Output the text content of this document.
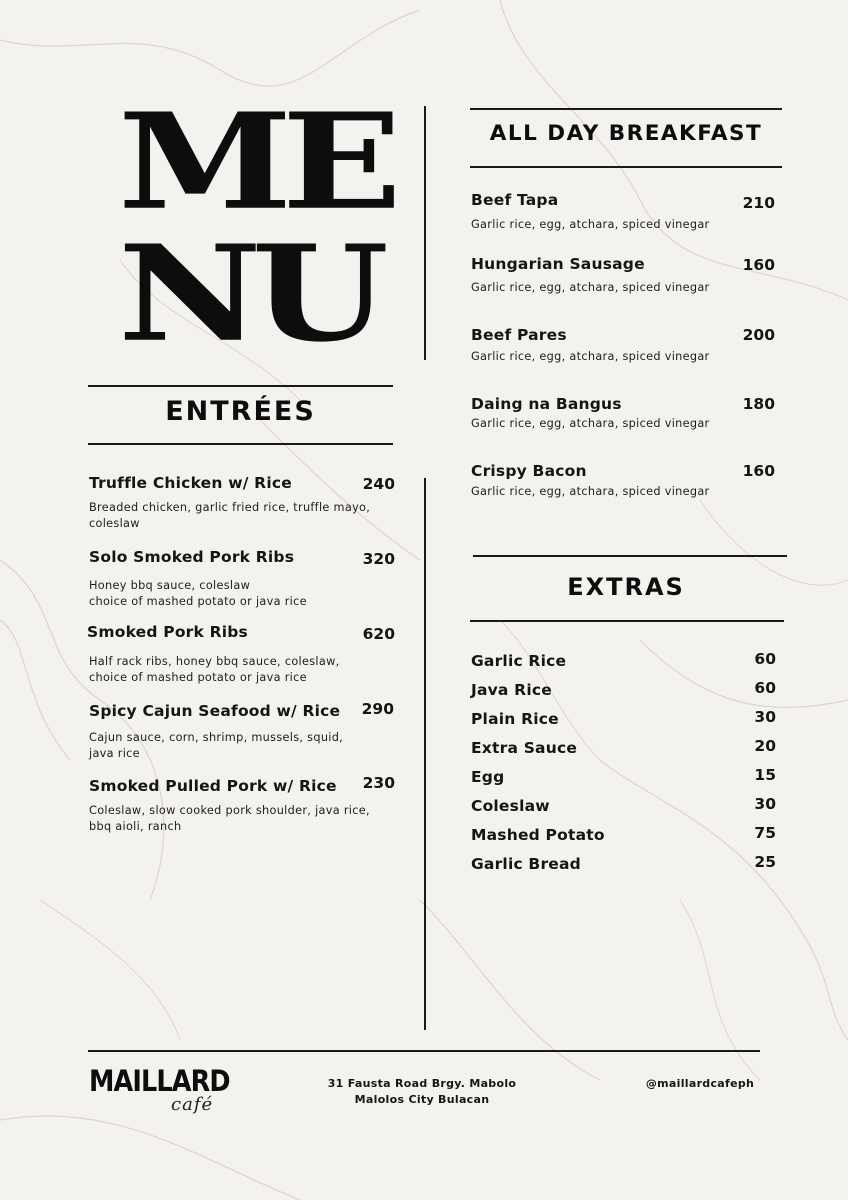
ME
NU
ENTRÉES
Truffle Chicken w/ Rice	240
Breaded chicken, garlic fried rice, truffle mayo, coleslaw
Solo Smoked Pork Ribs	320
Honey bbq sauce, coleslaw
choice of mashed potato or java rice
Smoked Pork Ribs	620
Half rack ribs, honey bbq sauce, coleslaw,
choice of mashed potato or java rice
Spicy Cajun Seafood w/ Rice	290
Cajun sauce, corn, shrimp, mussels, squid,
java rice
Smoked Pulled Pork w/ Rice	230
Coleslaw, slow cooked pork shoulder, java rice,
bbq aioli, ranch
ALL DAY BREAKFAST
Beef Tapa	210
Garlic rice, egg, atchara, spiced vinegar
Hungarian Sausage	160
Garlic rice, egg, atchara, spiced vinegar
Beef Pares	200
Garlic rice, egg, atchara, spiced vinegar
Daing na Bangus	180
Garlic rice, egg, atchara, spiced vinegar
Crispy Bacon	160
Garlic rice, egg, atchara, spiced vinegar
EXTRAS
Garlic Rice	60
Java Rice	60
Plain Rice	30
Extra Sauce	20
Egg	15
Coleslaw	30
Mashed Potato	75
Garlic Bread	25
MAILLARD
café
31 Fausta Road Brgy. Mabolo
Malolos City Bulacan
@maillardcafeph
